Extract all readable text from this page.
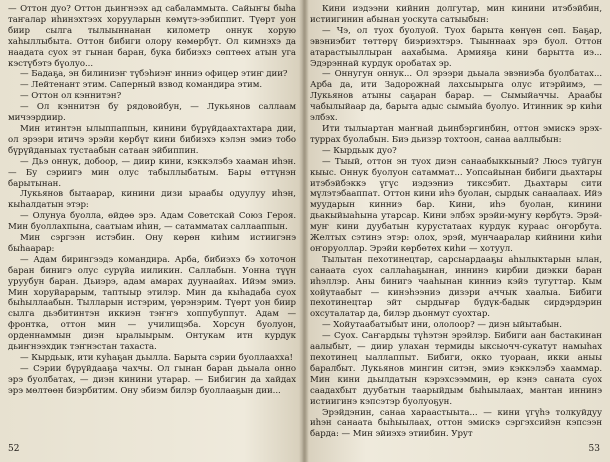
— Оттон дуо? Оттон дьиҥнээх ад сабаламмыта. Сайыҥы быһа таҥалар иһинэхтээх хорууларын көмүтэ-ээбиппит. Түөрт уон биир сылга тылыыннанан километр оннук хорую хаһыллыбыта. Оттон бибиги олору көмөрбүт. Ол кимнэхэ да наадата суох эт гынан баран, бука бибиэхэ сөптөөх атын уга кэстүбэтэ бүолуо...

— Бадаҕа, эн билиниэҥ түбэһиэҥ инниэ офицер этиҥ дии?

— Лейтенант этим. Саперный взвод командира этим.

— Оттон ол кэннитэн?

— Ол кэннитэн бу рядовойбун, — Лукьянов саллаам мичээрдиир.

Мин итинтэн ылыппаппын, кинини бүрүйдаахтахтара дии, ол эрээри итичэ эрэйи көрбүт кини бибиэхэ кэлэн эмиэ тобо бүрүйданыах тустаабын сатаан эйбиппин.

— Дьэ оннук, добоор, — диир кини, кэккэлэбэ хааман иһэн. — Бу сэриигэ мин олус табыллыбатым. Бары өттүнэн барытынан.

Лукьянов бытаарар, кинини дизи ыраабы одуулуу иһэн, кыһалдатын этэр:

— Олунуа буолла, өйдөө эрэ. Адам Советскай Союз Героя. Мин буоллахпына, саатыам иһин, — сатамматах саллааппын.

Мин сэргээн истэбин. Ону көрөн киһим истиигэнэ быһаарар:

— Адам бирингээдэ командира. Арба, бибиэхэ бэ хоточон баран бинигэ олус сурүйа ииликин. Саллабын. Уонна түүн уруубун баран. Дьиэрэ, адам амарах дуунаайах. Ийэм эмиэ. Мин хоруйарарым, таптыыр этилэр. Мин да кыһадаба суох быһыллаабын. Тылларын истэрим, үөрэнэрим. Түөрт уон биир сылга дьэбитинтэн иккиэн тэҥҥэ хоппубуппут. Адам — фронтка, оттон мин — училищэба. Хорсун буолуон, орденнаммын диэн ыралыырым. Онтукам итн курдук дьиҥнээхдик тэҥнэстан тахаста.

— Кырдьык, ити куһаҕан дьылла. Барыта сэрии буоллаахха!

— Сэрии бүрүйдааҕа чахчы. Ол гынан баран дьыала онно эрэ буолбатах, — диэн кинини утарар. — Бибигин да хайдах эрэ мөлтөөн биэрбитим. Ону эбиэм билэр буоллааҕын дии...

52

Кини иэдээни кийнин долгутар, мин кинини итэбэйбин, истиигинин абынан уоскута сатыыбын:

— Чэ, ол туох буолуой. Туох барыта көнүөн сөп. Баҕар, эвэниэбит төттөрү биэриэхтэрэ. Тыыннаах эрэ буол. Оттон атарастыыллыран аахабыма. Армияҕа кини барытта иэ... Эдэрэннай курдук оробатах эр.

— Оннугун оннук... Ол эрээри дьыала эвэниэба буолбатах... Арба да, ити Задорожнай лахсыырыга олус итэрйимэ, — Лукьянов атыны саҕаран барар. — Сымыйаччы. Араабы чабылыйаар да, барыта адыс сымыйа буолуо. Итинник эр киһи элбэх.

Ити тылыартан маҥнай дьинбэргинбин, оттон эмискэ эрэх-туррах буолабын. Биэ дьизэр тохтоон, санаа ааллыбын:

— Кырдьык дуо?

— Тыый, оттон эн туох диэн санаабыккыный? Люсэ туйгун кыыс. Оннук буолуон сатаммат... Уопсайынан бибиги дьахтары итэбэйбэккэ үгүс иэдээниэ тиксэбит. Дьахтары сити мүлэтэбааппат. Оттон кини иһэ буолан, сырдык санаалаах. Ийэ муударын кинниэ бар. Кини, иһэ буолан, кинини дьакыйыаһына утарсар. Кини элбэх эрэйи-муҥу көрбүтэ. Эрэй-муҥ кини дуубатын курустатаах курдук кураас оҥорбута. Желтых сэтинэ этэр: олох, эрэй, мунчааралар кийнини киһи оҥоруоллар. Эрэйи көрбөтөх киһи — хотуул.

Тылытан пехотинецтар, сарсыардааҕы аһылыктарын ылан, санаата суох саллаһаҕынан, иннинэ кирбии диэкки баран иһэллэр. Аны бинигэ чааһынан кинниэ кэйэ тугуттар. Кым хойутаабыт — кинэһээниэ дизэри аччык хаалыа. Бибиги пехотинецтар эйт сырдығар бүдүк-бадык сирдэрдэрин охсуталатар да, билэр дьонмут суохтар.

— Хойутаабатыбыт ини, ололоор? — диэн ыйытабын.

— Суох. Саҥардыы түһэтэн эрэйлэр. Бибиги аан бастакинан аалыбыт, — диир улахан термиды ыксыочч-сукатут намыһах пехотинец ыаллаппыт. Бибиги, окко туораан, икки аныы баралбыт. Лукьянов мингин ситэн, эмиэ кэккэлэбэ хааммар. Мин кини дьылдатын кэрэхсээммин, өр кэнэ саната суох саадахбыт дуубатын таарыйдым быһыылаах, мантан иннинэ истиигинэ кэпсэтэр буолуоҕун.

Эрэйдэнин, санаа хараастыыта... — кини үгүһэ толкуйдуу иһэн санаата быһыылаах, оттон эмискэ сэргэхсийэн кэпсээн барда: — Мин эйиэхэ этиибин. Урут

53
